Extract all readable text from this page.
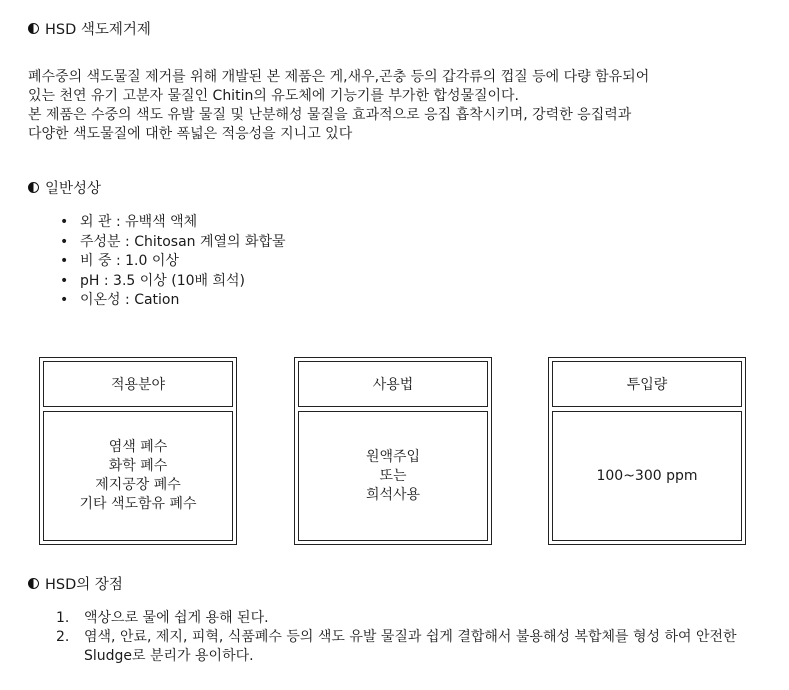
HSD 색도제거제

폐수중의 색도물질 제거를 위해 개발된 본 제품은 게,새우,곤충 등의 갑각류의 껍질 등에 다량 함유되어

있는 천연 유기 고분자 물질인 Chitin의 유도체에 기능기를 부가한 합성물질이다.

본 제품은 수중의 색도 유발 물질 및 난분해성 물질을 효과적으로 응집 흡착시키며, 강력한 응집력과

다양한 색도물질에 대한 폭넓은 적응성을 지니고 있다

일반성상
• 외 관 : 유백색 액체
• 주성분 : Chitosan 계열의 화합물
• 비 중 : 1.0 이상
• pH : 3.5 이상 (10배 희석)
• 이온성 : Cation
적용분야
염색 폐수
화학 폐수
제지공장 폐수
기타 색도함유 폐수
사용법
원액주입
또는
희석사용
투입량
100~300 ppm
HSD의 장점
1. 액상으로 물에 쉽게 용해 된다.
2. 염색, 안료, 제지, 피혁, 식품폐수 등의 색도 유발 물질과 쉽게 결합해서 불용해성 복합체를 형성 하여 안전한 Sludge로 분리가 용이하다.
